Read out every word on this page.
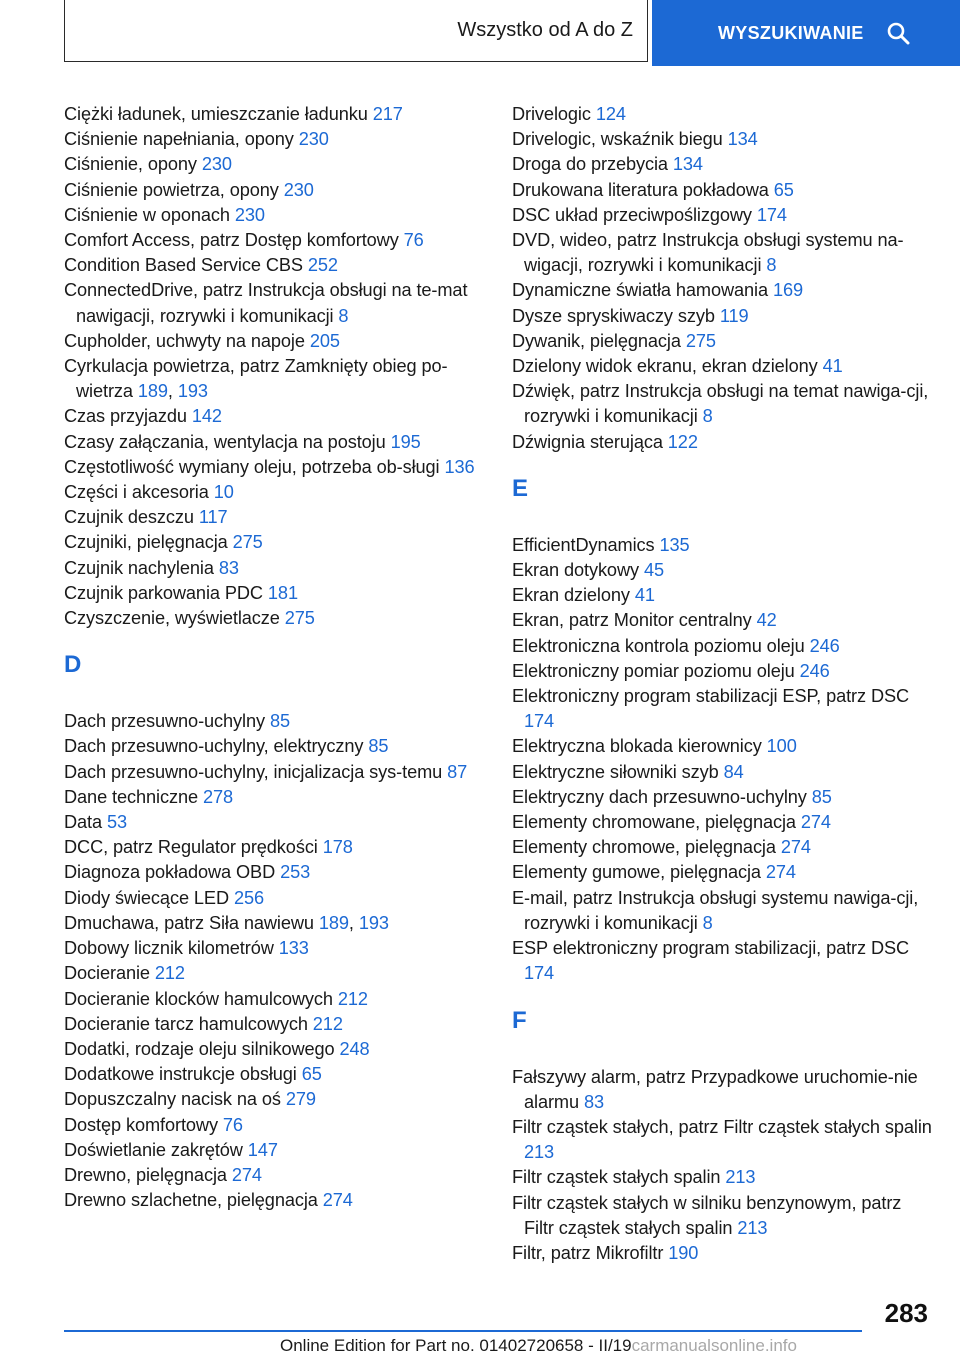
Wszystko od A do Z	WYSZUKIWANIE
Ciężki ładunek, umieszczanie ładunku 217
Ciśnienie napełniania, opony 230
Ciśnienie, opony 230
Ciśnienie powietrza, opony 230
Ciśnienie w oponach 230
Comfort Access, patrz Dostęp komfortowy 76
Condition Based Service CBS 252
ConnectedDrive, patrz Instrukcja obsługi na te‐mat nawigacji, rozrywki i komunikacji 8
Cupholder, uchwyty na napoje 205
Cyrkulacja powietrza, patrz Zamknięty obieg po‐wietrza 189, 193
Czas przyjazdu 142
Czasy załączania, wentylacja na postoju 195
Częstotliwość wymiany oleju, potrzeba ob‐sługi 136
Części i akcesoria 10
Czujnik deszczu 117
Czujniki, pielęgnacja 275
Czujnik nachylenia 83
Czujnik parkowania PDC 181
Czyszczenie, wyświetlacze 275
D
Dach przesuwno-uchylny 85
Dach przesuwno-uchylny, elektryczny 85
Dach przesuwno-uchylny, inicjalizacja sys‐temu 87
Dane techniczne 278
Data 53
DCC, patrz Regulator prędkości 178
Diagnoza pokładowa OBD 253
Diody świecące LED 256
Dmuchawa, patrz Siła nawiewu 189, 193
Dobowy licznik kilometrów 133
Docieranie 212
Docieranie klocków hamulcowych 212
Docieranie tarcz hamulcowych 212
Dodatki, rodzaje oleju silnikowego 248
Dodatkowe instrukcje obsługi 65
Dopuszczalny nacisk na oś 279
Dostęp komfortowy 76
Doświetlanie zakrętów 147
Drewno, pielęgnacja 274
Drewno szlachetne, pielęgnacja 274
Drivelogic 124
Drivelogic, wskaźnik biegu 134
Droga do przebycia 134
Drukowana literatura pokładowa 65
DSC układ przeciwpoślizgowy 174
DVD, wideo, patrz Instrukcja obsługi systemu na‐wigacji, rozrywki i komunikacji 8
Dynamiczne światła hamowania 169
Dysze spryskiwaczy szyb 119
Dywanik, pielęgnacja 275
Dzielony widok ekranu, ekran dzielony 41
Dźwięk, patrz Instrukcja obsługi na temat nawiga‐cji, rozrywki i komunikacji 8
Dźwignia sterująca 122
E
EfficientDynamics 135
Ekran dotykowy 45
Ekran dzielony 41
Ekran, patrz Monitor centralny 42
Elektroniczna kontrola poziomu oleju 246
Elektroniczny pomiar poziomu oleju 246
Elektroniczny program stabilizacji ESP, patrz DSC 174
Elektryczna blokada kierownicy 100
Elektryczne siłowniki szyb 84
Elektryczny dach przesuwno-uchylny 85
Elementy chromowane, pielęgnacja 274
Elementy chromowe, pielęgnacja 274
Elementy gumowe, pielęgnacja 274
E-mail, patrz Instrukcja obsługi systemu nawiga‐cji, rozrywki i komunikacji 8
ESP elektroniczny program stabilizacji, patrz DSC 174
F
Fałszywy alarm, patrz Przypadkowe uruchomie‐nie alarmu 83
Filtr cząstek stałych, patrz Filtr cząstek stałych spalin 213
Filtr cząstek stałych spalin 213
Filtr cząstek stałych w silniku benzynowym, patrz Filtr cząstek stałych spalin 213
Filtr, patrz Mikrofiltr 190
283
Online Edition for Part no. 01402720658 - II/19carmanualsonline.info
